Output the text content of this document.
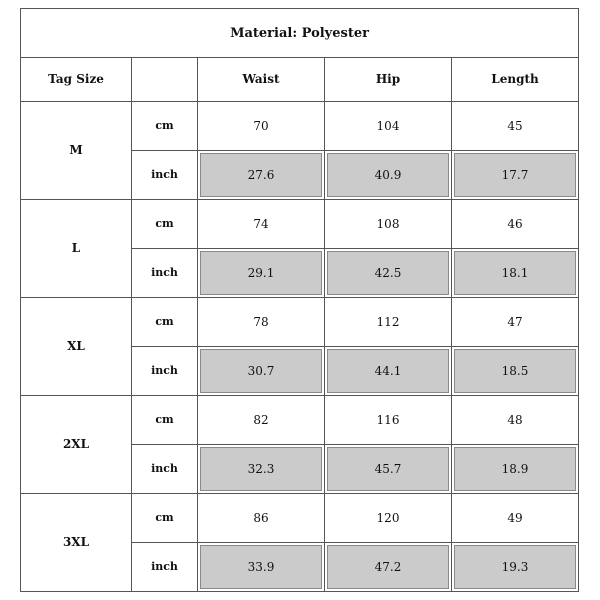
Material: Polyester				
Tag Size		Waist	Hip	Length
M	cm	70	104	45
	inch	27.6	40.9	17.7
L	cm	74	108	46
	inch	29.1	42.5	18.1
XL	cm	78	112	47
	inch	30.7	44.1	18.5
2XL	cm	82	116	48
	inch	32.3	45.7	18.9
3XL	cm	86	120	49
	inch	33.9	47.2	19.3
